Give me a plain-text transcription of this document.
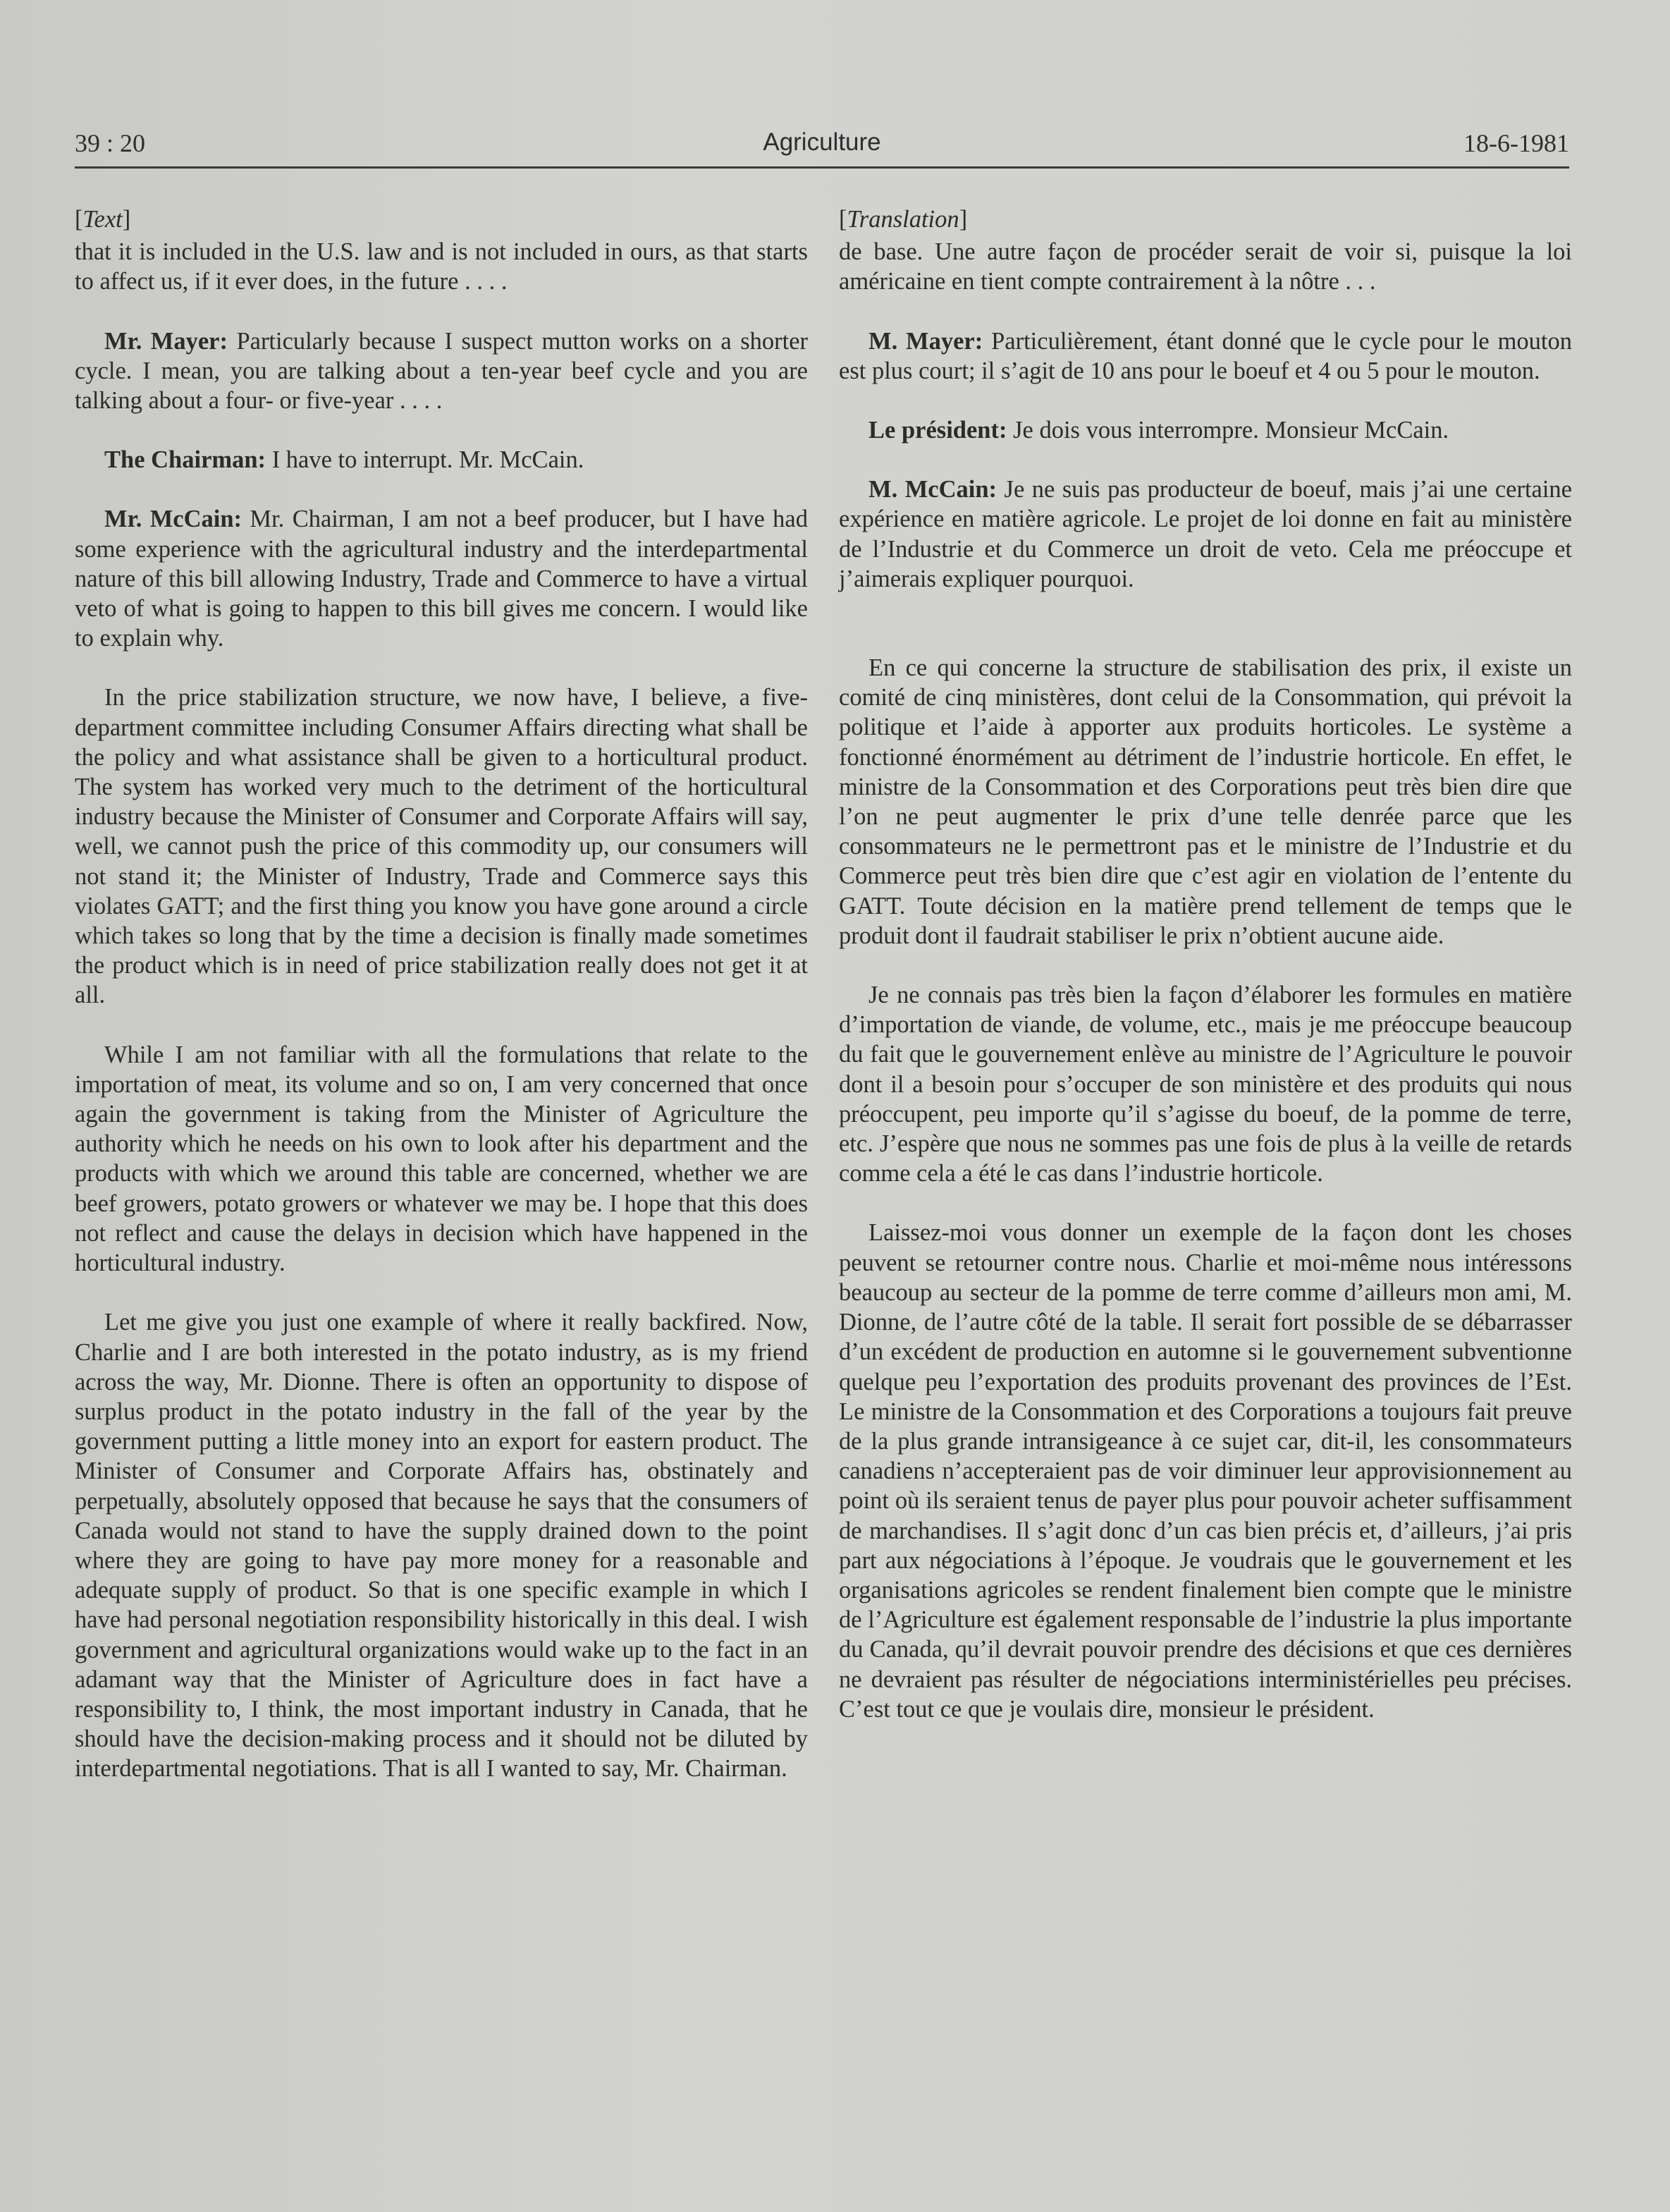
39 : 20	Agriculture	18-6-1981
[Text]

that it is included in the U.S. law and is not included in ours, as that starts to affect us, if it ever does, in the future . . . .

Mr. Mayer: Particularly because I suspect mutton works on a shorter cycle. I mean, you are talking about a ten-year beef cycle and you are talking about a four- or five-year . . . .

The Chairman: I have to interrupt. Mr. McCain.

Mr. McCain: Mr. Chairman, I am not a beef producer, but I have had some experience with the agricultural industry and the interdepartmental nature of this bill allowing Industry, Trade and Commerce to have a virtual veto of what is going to happen to this bill gives me concern. I would like to explain why.

In the price stabilization structure, we now have, I believe, a five-department committee including Consumer Affairs directing what shall be the policy and what assistance shall be given to a horticultural product. The system has worked very much to the detriment of the horticultural industry because the Minister of Consumer and Corporate Affairs will say, well, we cannot push the price of this commodity up, our consumers will not stand it; the Minister of Industry, Trade and Commerce says this violates GATT; and the first thing you know you have gone around a circle which takes so long that by the time a decision is finally made sometimes the product which is in need of price stabilization really does not get it at all.

While I am not familiar with all the formulations that relate to the importation of meat, its volume and so on, I am very concerned that once again the government is taking from the Minister of Agriculture the authority which he needs on his own to look after his department and the products with which we around this table are concerned, whether we are beef growers, potato growers or whatever we may be. I hope that this does not reflect and cause the delays in decision which have happened in the horticultural industry.

Let me give you just one example of where it really backfired. Now, Charlie and I are both interested in the potato industry, as is my friend across the way, Mr. Dionne. There is often an opportunity to dispose of surplus product in the potato industry in the fall of the year by the government putting a little money into an export for eastern product. The Minister of Consumer and Corporate Affairs has, obstinately and perpetually, absolutely opposed that because he says that the consumers of Canada would not stand to have the supply drained down to the point where they are going to have pay more money for a reasonable and adequate supply of product. So that is one specific example in which I have had personal negotiation responsibility historically in this deal. I wish government and agricultural organizations would wake up to the fact in an adamant way that the Minister of Agriculture does in fact have a responsibility to, I think, the most important industry in Canada, that he should have the decision-making process and it should not be diluted by interdepartmental negotiations. That is all I wanted to say, Mr. Chairman.

[Translation]

de base. Une autre façon de procéder serait de voir si, puisque la loi américaine en tient compte contrairement à la nôtre . . .

M. Mayer: Particulièrement, étant donné que le cycle pour le mouton est plus court; il s’agit de 10 ans pour le boeuf et 4 ou 5 pour le mouton.

Le président: Je dois vous interrompre. Monsieur McCain.

M. McCain: Je ne suis pas producteur de boeuf, mais j’ai une certaine expérience en matière agricole. Le projet de loi donne en fait au ministère de l’Industrie et du Commerce un droit de veto. Cela me préoccupe et j’aimerais expliquer pourquoi.

En ce qui concerne la structure de stabilisation des prix, il existe un comité de cinq ministères, dont celui de la Consommation, qui prévoit la politique et l’aide à apporter aux produits horticoles. Le système a fonctionné énormément au détriment de l’industrie horticole. En effet, le ministre de la Consommation et des Corporations peut très bien dire que l’on ne peut augmenter le prix d’une telle denrée parce que les consommateurs ne le permettront pas et le ministre de l’Industrie et du Commerce peut très bien dire que c’est agir en violation de l’entente du GATT. Toute décision en la matière prend tellement de temps que le produit dont il faudrait stabiliser le prix n’obtient aucune aide.

Je ne connais pas très bien la façon d’élaborer les formules en matière d’importation de viande, de volume, etc., mais je me préoccupe beaucoup du fait que le gouvernement enlève au ministre de l’Agriculture le pouvoir dont il a besoin pour s’occuper de son ministère et des produits qui nous préoccupent, peu importe qu’il s’agisse du boeuf, de la pomme de terre, etc. J’espère que nous ne sommes pas une fois de plus à la veille de retards comme cela a été le cas dans l’industrie horticole.

Laissez-moi vous donner un exemple de la façon dont les choses peuvent se retourner contre nous. Charlie et moi-même nous intéressons beaucoup au secteur de la pomme de terre comme d’ailleurs mon ami, M. Dionne, de l’autre côté de la table. Il serait fort possible de se débarrasser d’un excédent de production en automne si le gouvernement subventionne quelque peu l’exportation des produits provenant des provinces de l’Est. Le ministre de la Consommation et des Corporations a toujours fait preuve de la plus grande intransigeance à ce sujet car, dit-il, les consommateurs canadiens n’accepteraient pas de voir diminuer leur approvisionnement au point où ils seraient tenus de payer plus pour pouvoir acheter suffisamment de marchandises. Il s’agit donc d’un cas bien précis et, d’ailleurs, j’ai pris part aux négociations à l’époque. Je voudrais que le gouvernement et les organisations agricoles se rendent finalement bien compte que le ministre de l’Agriculture est également responsable de l’industrie la plus importante du Canada, qu’il devrait pouvoir prendre des décisions et que ces dernières ne devraient pas résulter de négociations interministérielles peu précises. C’est tout ce que je voulais dire, monsieur le président.
